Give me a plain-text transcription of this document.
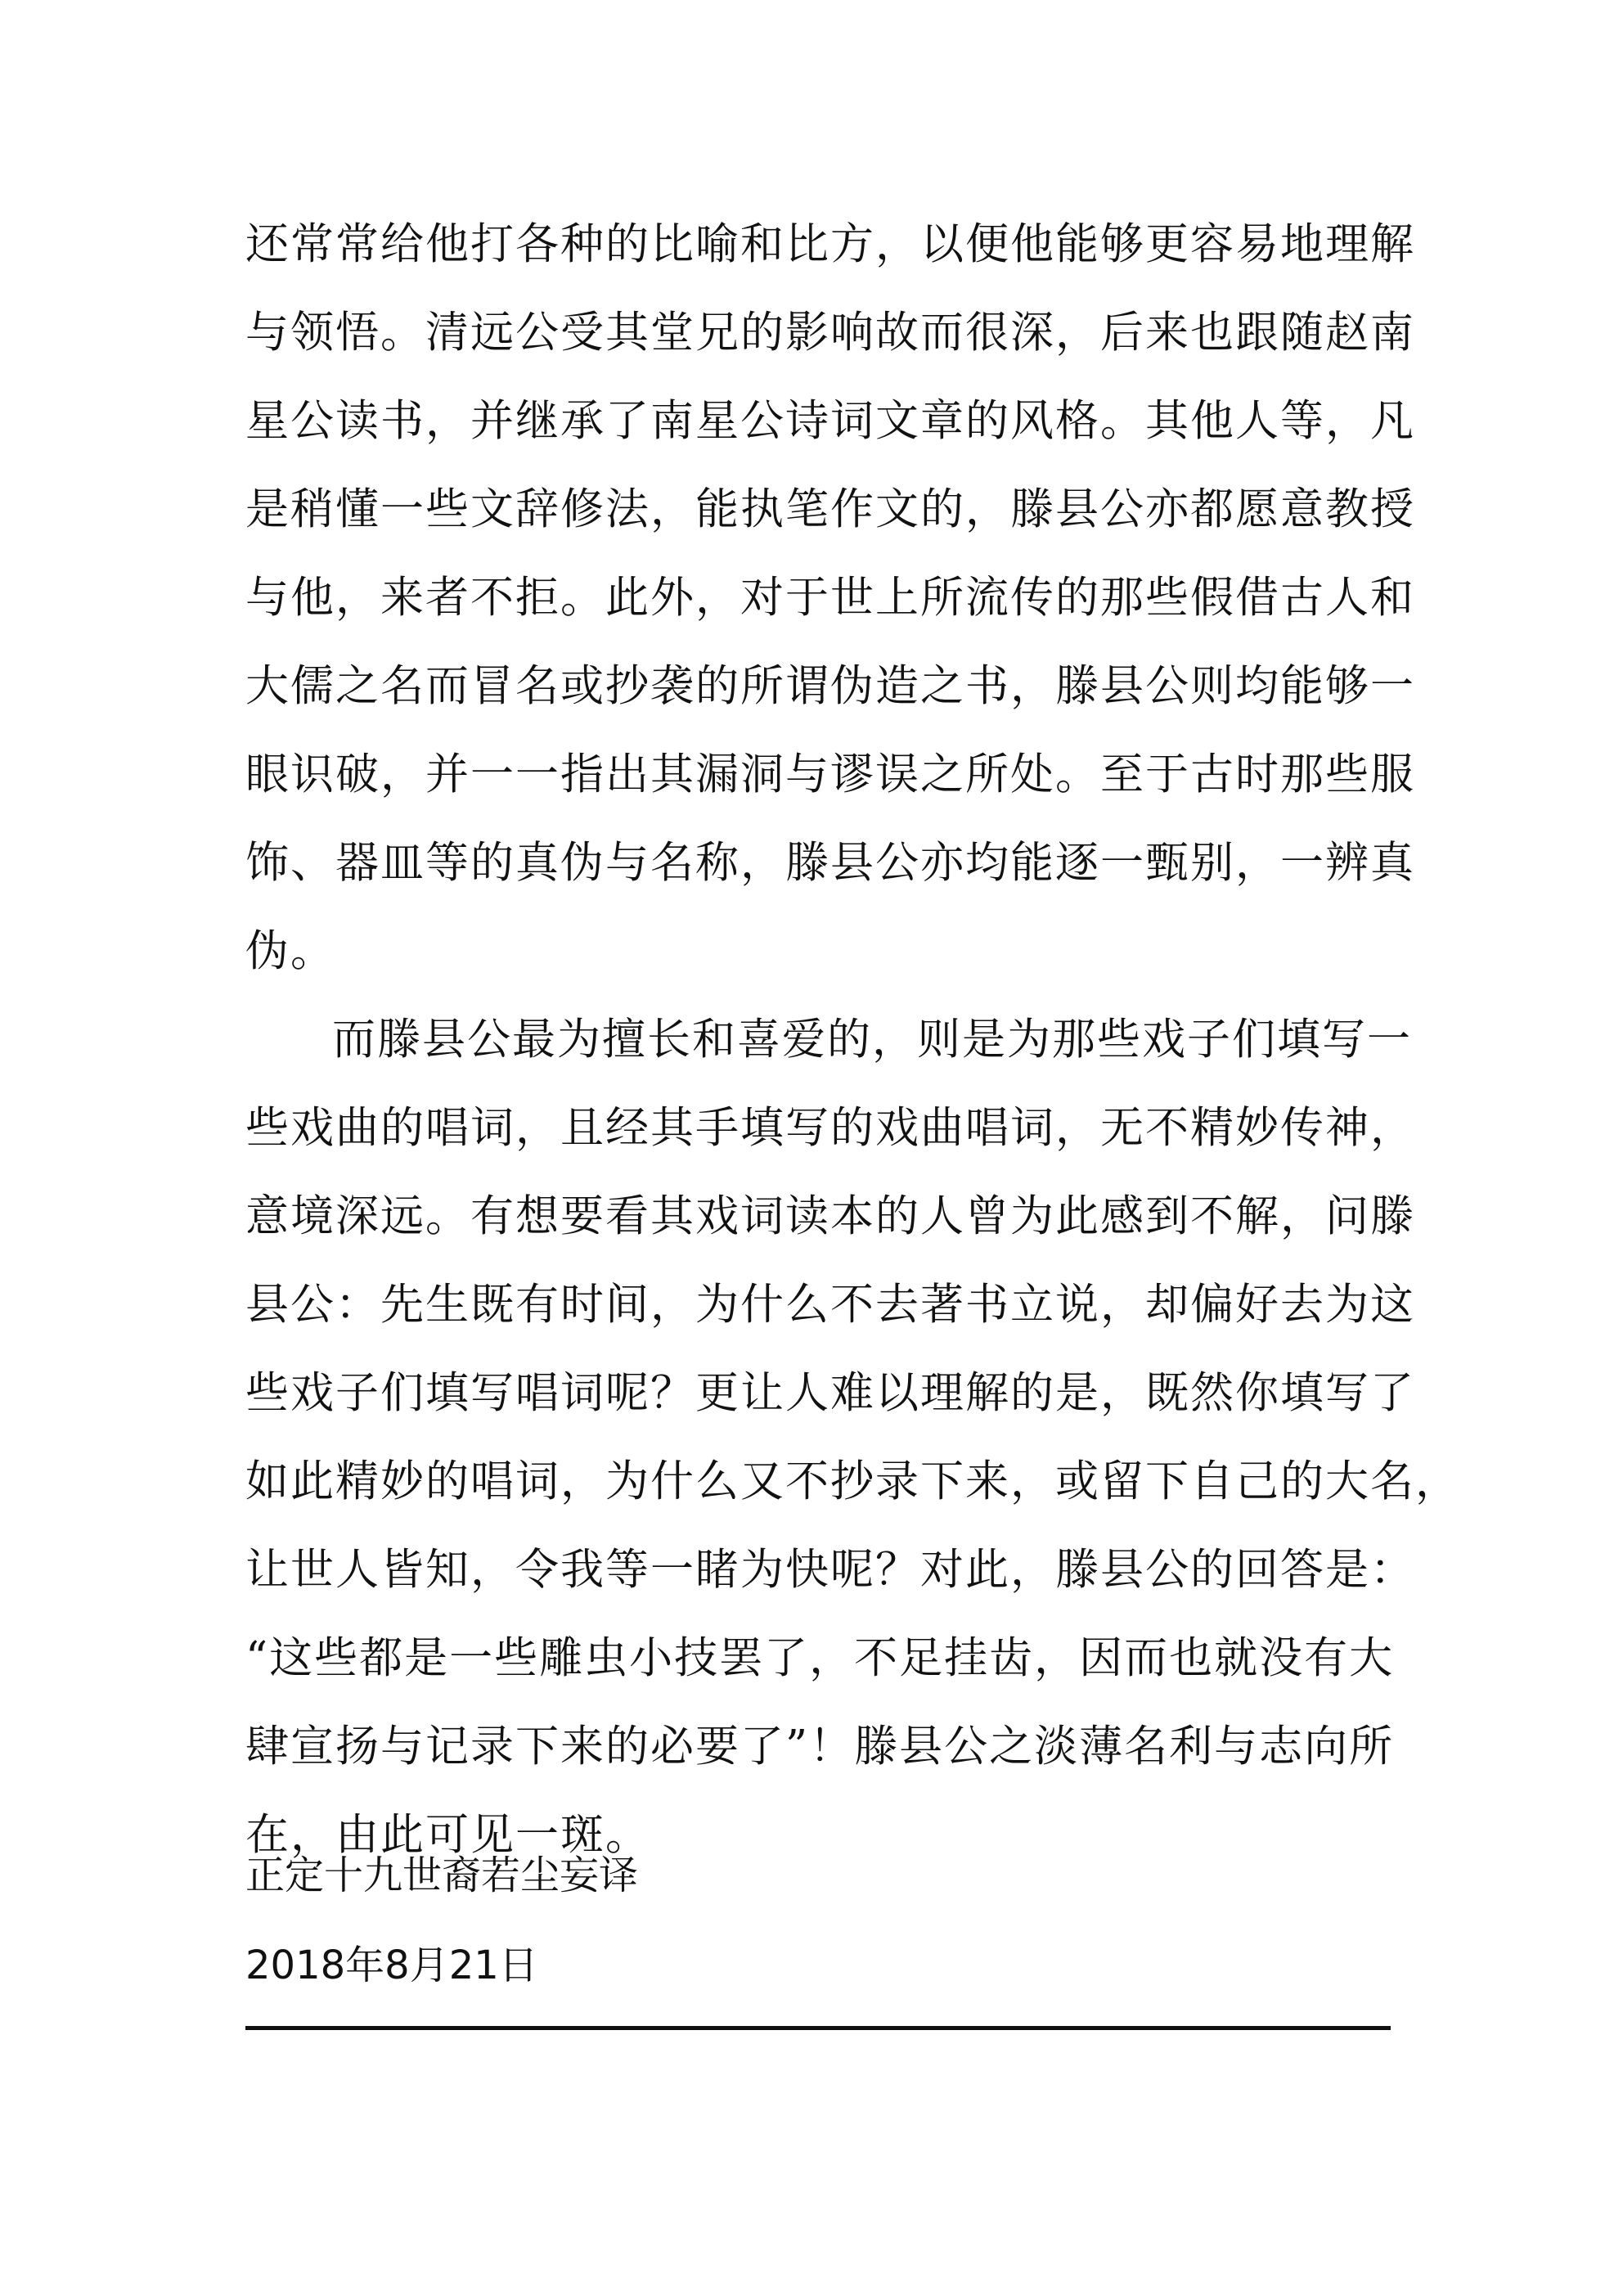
还常常给他打各种的比喻和比方，以便他能够更容易地理解
与领悟。清远公受其堂兄的影响故而很深，后来也跟随赵南
星公读书，并继承了南星公诗词文章的风格。其他人等，凡
是稍懂一些文辞修法，能执笔作文的，滕县公亦都愿意教授
与他，来者不拒。此外，对于世上所流传的那些假借古人和
大儒之名而冒名或抄袭的所谓伪造之书，滕县公则均能够一
眼识破，并一一指出其漏洞与谬误之所处。至于古时那些服
饰、器皿等的真伪与名称，滕县公亦均能逐一甄别，一辨真
伪。
而滕县公最为擅长和喜爱的，则是为那些戏子们填写一
些戏曲的唱词，且经其手填写的戏曲唱词，无不精妙传神，
意境深远。有想要看其戏词读本的人曾为此感到不解，问滕
县公：先生既有时间，为什么不去著书立说，却偏好去为这
些戏子们填写唱词呢？更让人难以理解的是，既然你填写了
如此精妙的唱词，为什么又不抄录下来，或留下自己的大名，
让世人皆知，令我等一睹为快呢？对此，滕县公的回答是：
“这些都是一些雕虫小技罢了，不足挂齿，因而也就没有大
肆宣扬与记录下来的必要了”！滕县公之淡薄名利与志向所
在，由此可见一斑。
正定十九世裔若尘妄译
2018年8月21日
